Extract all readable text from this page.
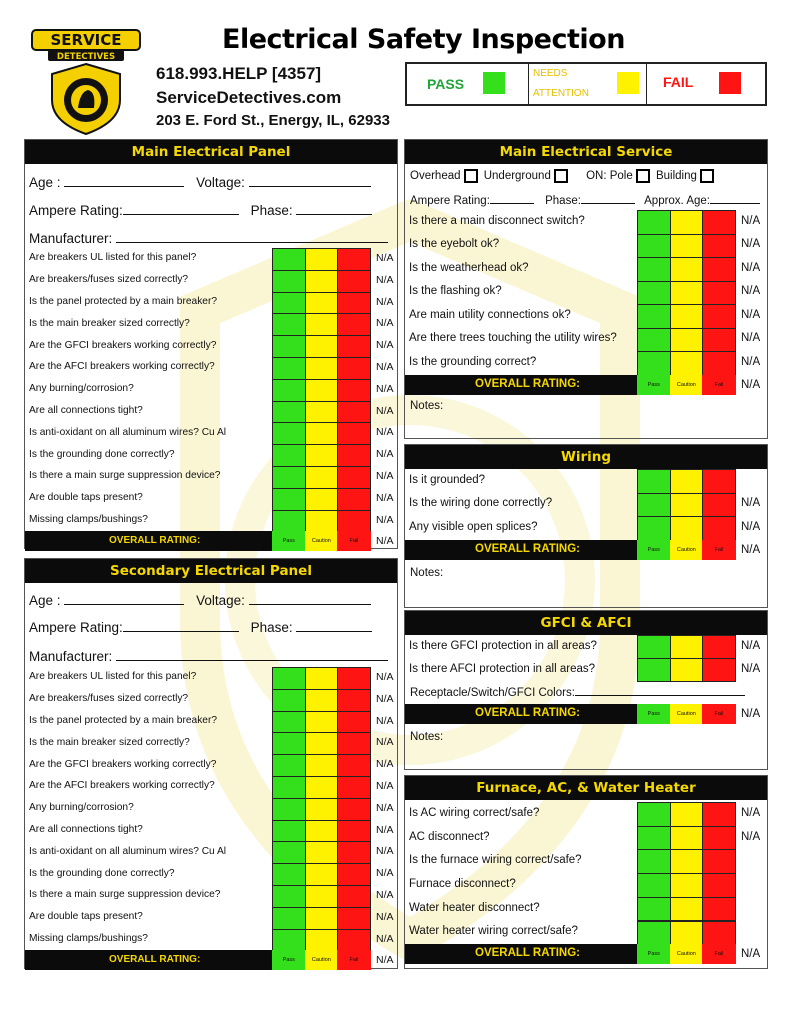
SERVICE
DETECTIVES
Electrical Safety Inspection
618.993.HELP [4357]
ServiceDetectives.com
203 E. Ford St., Energy, IL, 62933
PASS
NEEDS
ATTENTION
FAIL
Main Electrical Panel
Age :	Voltage:
Ampere Rating:	Phase:
Manufacturer:
Are breakers UL listed for this panel?	N/A
Are breakers/fuses sized correctly?	N/A
Is the panel protected by a main breaker?	N/A
Is the main breaker sized correctly?	N/A
Are the GFCI breakers working correctly?	N/A
Are the AFCI breakers working correctly?	N/A
Any burning/corrosion?	N/A
Are all connections tight?	N/A
Is anti-oxidant on all aluminum wires? Cu Al	N/A
Is the grounding done correctly?	N/A
Is there a main surge suppression device?	N/A
Are double taps present?	N/A
Missing clamps/bushings?	N/A
OVERALL RATING:	Pass	Caution	Fail	N/A
Secondary Electrical Panel
Age :	Voltage:
Ampere Rating:	Phase:
Manufacturer:
Are breakers UL listed for this panel?	N/A
Are breakers/fuses sized correctly?	N/A
Is the panel protected by a main breaker?	N/A
Is the main breaker sized correctly?	N/A
Are the GFCI breakers working correctly?	N/A
Are the AFCI breakers working correctly?	N/A
Any burning/corrosion?	N/A
Are all connections tight?	N/A
Is anti-oxidant on all aluminum wires? Cu Al	N/A
Is the grounding done correctly?	N/A
Is there a main surge suppression device?	N/A
Are double taps present?	N/A
Missing clamps/bushings?	N/A
OVERALL RATING:	Pass	Caution	Fail	N/A
Main Electrical Service
Overhead Underground	ON: Pole Building
Ampere Rating:	Phase:	Approx. Age:
Notes:
Is there a main disconnect switch?	N/A
Is the eyebolt ok?	N/A
Is the weatherhead ok?	N/A
Is the flashing ok?	N/A
Are main utility connections ok?	N/A
Are there trees touching the utility wires?	N/A
Is the grounding correct?	N/A
OVERALL RATING:	Pass	Caution	Fail	N/A
Wiring
Notes:
Is it grounded?
Is the wiring done correctly?	N/A
Any visible open splices?	N/A
OVERALL RATING:	Pass	Caution	Fail	N/A
GFCI & AFCI
Notes:
Is there GFCI protection in all areas?	N/A
Is there AFCI protection in all areas?	N/A
Receptacle/Switch/GFCI Colors:
OVERALL RATING:	Pass	Caution	Fail	N/A
Furnace, AC, & Water Heater
Is AC wiring correct/safe?	N/A
AC disconnect?	N/A
Is the furnace wiring correct/safe?
Furnace disconnect?
Water heater disconnect?
Water heater wiring correct/safe?
OVERALL RATING:	Pass	Caution	Fail	N/A
